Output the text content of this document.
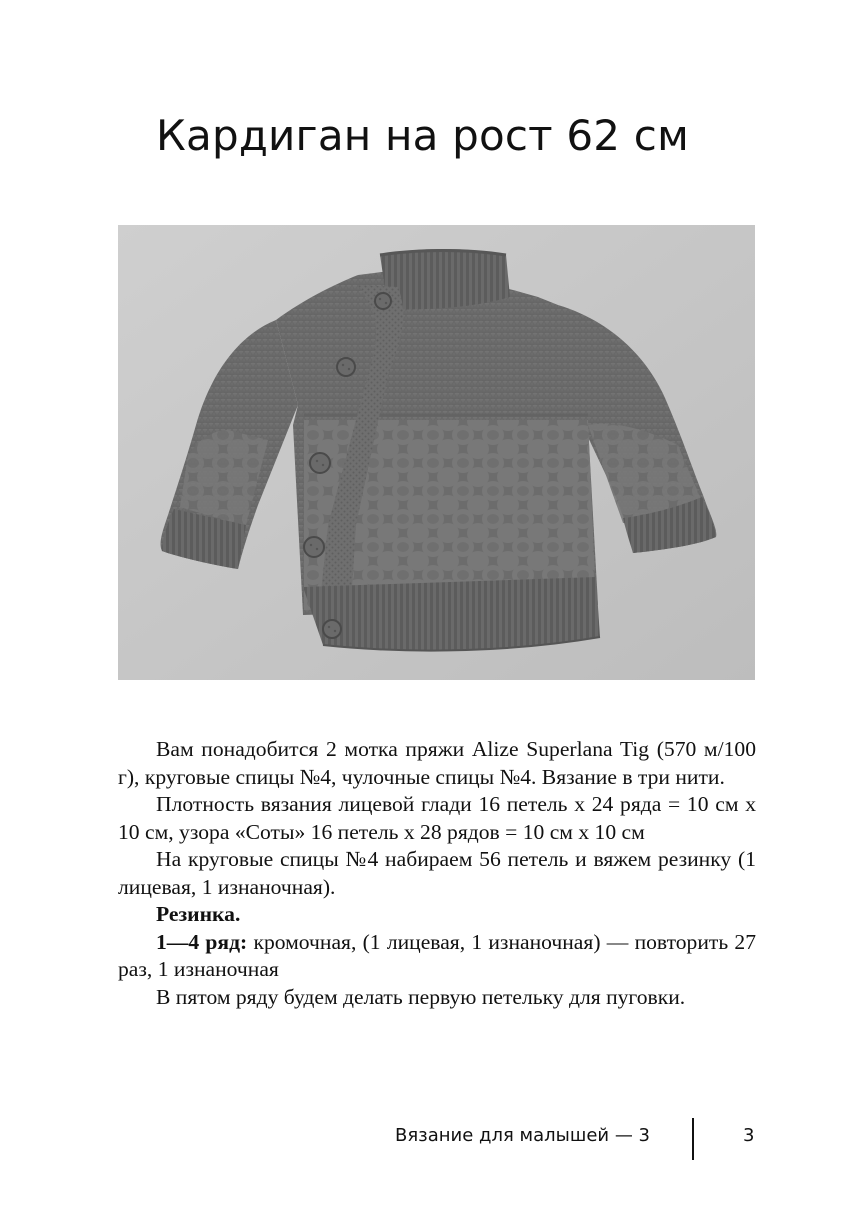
Кардиган на рост 62 см

Вам понадобится 2 мотка пряжи Alize Superlana Tig (570 м/100 г), круговые спицы №4, чулочные спицы №4. Вязание в три нити.

Плотность вязания лицевой глади 16 петель х 24 ряда = 10 см х 10 см, узора «Соты» 16 петель х 28 рядов = 10 см х 10 см

На круговые спицы №4 набираем 56 петель и вяжем резинку (1 лицевая, 1 изнаночная).

Резинка.

1—4 ряд: кромочная, (1 лицевая, 1 изнаночная) — повторить 27 раз, 1 изнаночная

В пятом ряду будем делать первую петельку для пуговки.

Вязание для малышей — 3	3
